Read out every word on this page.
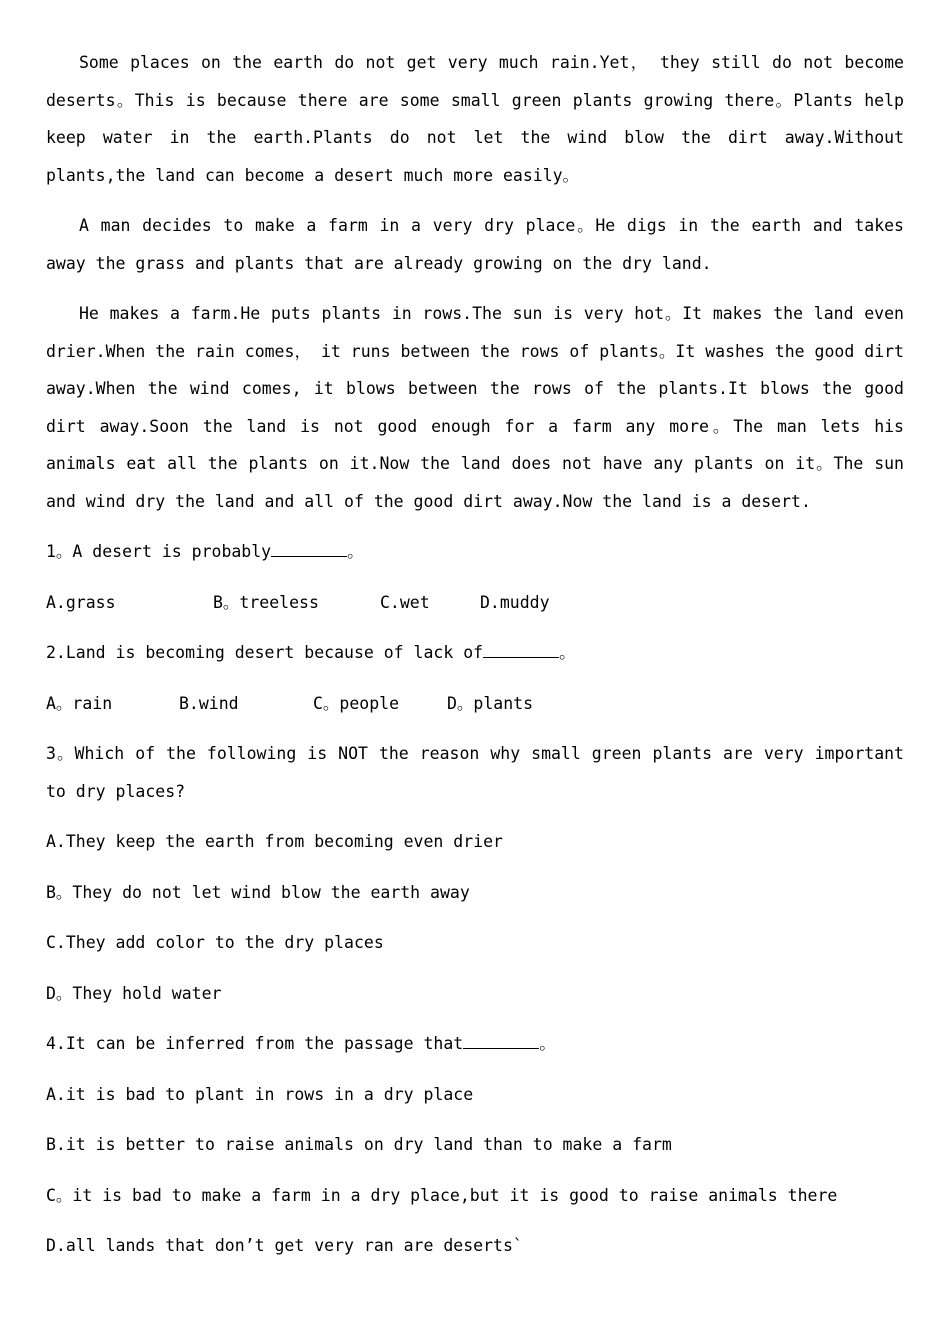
Some places on the earth do not get very much rain.Yet， they still do not become deserts。This is because there are some small green plants growing there。Plants help keep water in the earth.Plants do not let the wind blow the dirt away.Without plants,the land can become a desert much more easily。

A man decides to make a farm in a very dry place。He digs in the earth and takes away the grass and plants that are already growing on the dry land.

He makes a farm.He puts plants in rows.The sun is very hot。It makes the land even drier.When the rain comes， it runs between the rows of plants。It washes the good dirt away.When the wind comes, it blows between the rows of the plants.It blows the good dirt away.Soon the land is not good enough for a farm any more。The man lets his animals eat all the plants on it.Now the land does not have any plants on it。The sun and wind dry the land and all of the good dirt away.Now the land is a desert.

1。A desert is probably	。
A.grass	B。treeless	C.wet	D.muddy
2.Land is becoming desert because of lack of	。
A。rain	B.wind	C。people	D。plants

3。Which of the following is NOT the reason why small green plants are very important to dry places?

A.They keep the earth from becoming even drier
B。They do not let wind blow the earth away
C.They add color to the dry places
D。They hold water
4.It can be inferred from the passage that	。
A.it is bad to plant in rows in a dry place
B.it is better to raise animals on dry land than to make a farm
C。it is bad to make a farm in a dry place,but it is good to raise animals there
D.all lands that don’t get very ran are deserts`
